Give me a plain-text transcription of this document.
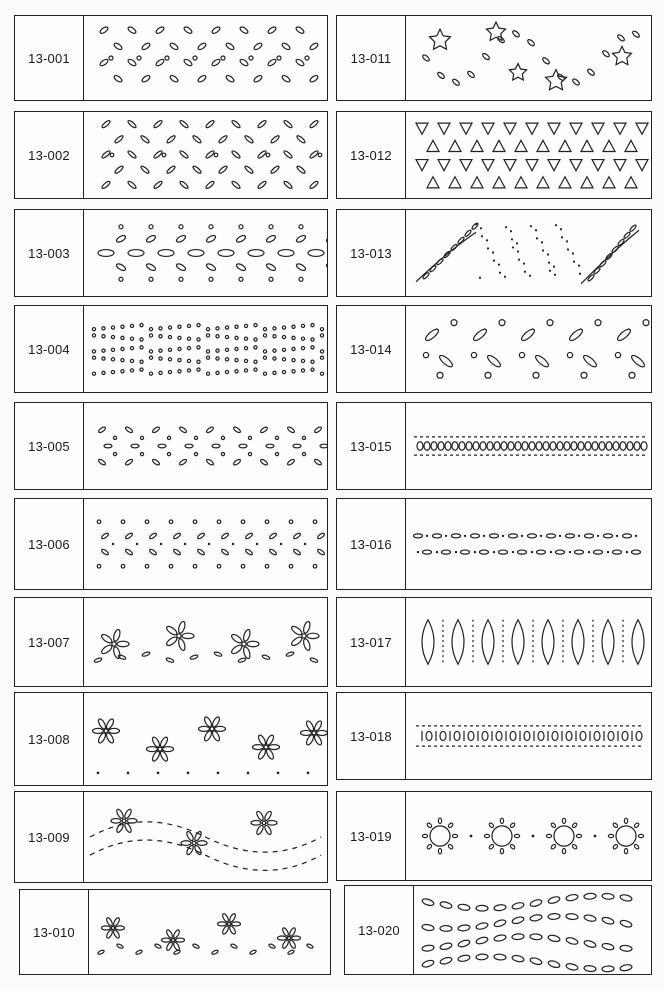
13-001
13-002
13-003
13-004
13-005
13-006
13-007
13-008
13-009
13-010
13-011
13-012
13-013
13-014
13-015
13-016
13-017
13-018
13-019
13-020
